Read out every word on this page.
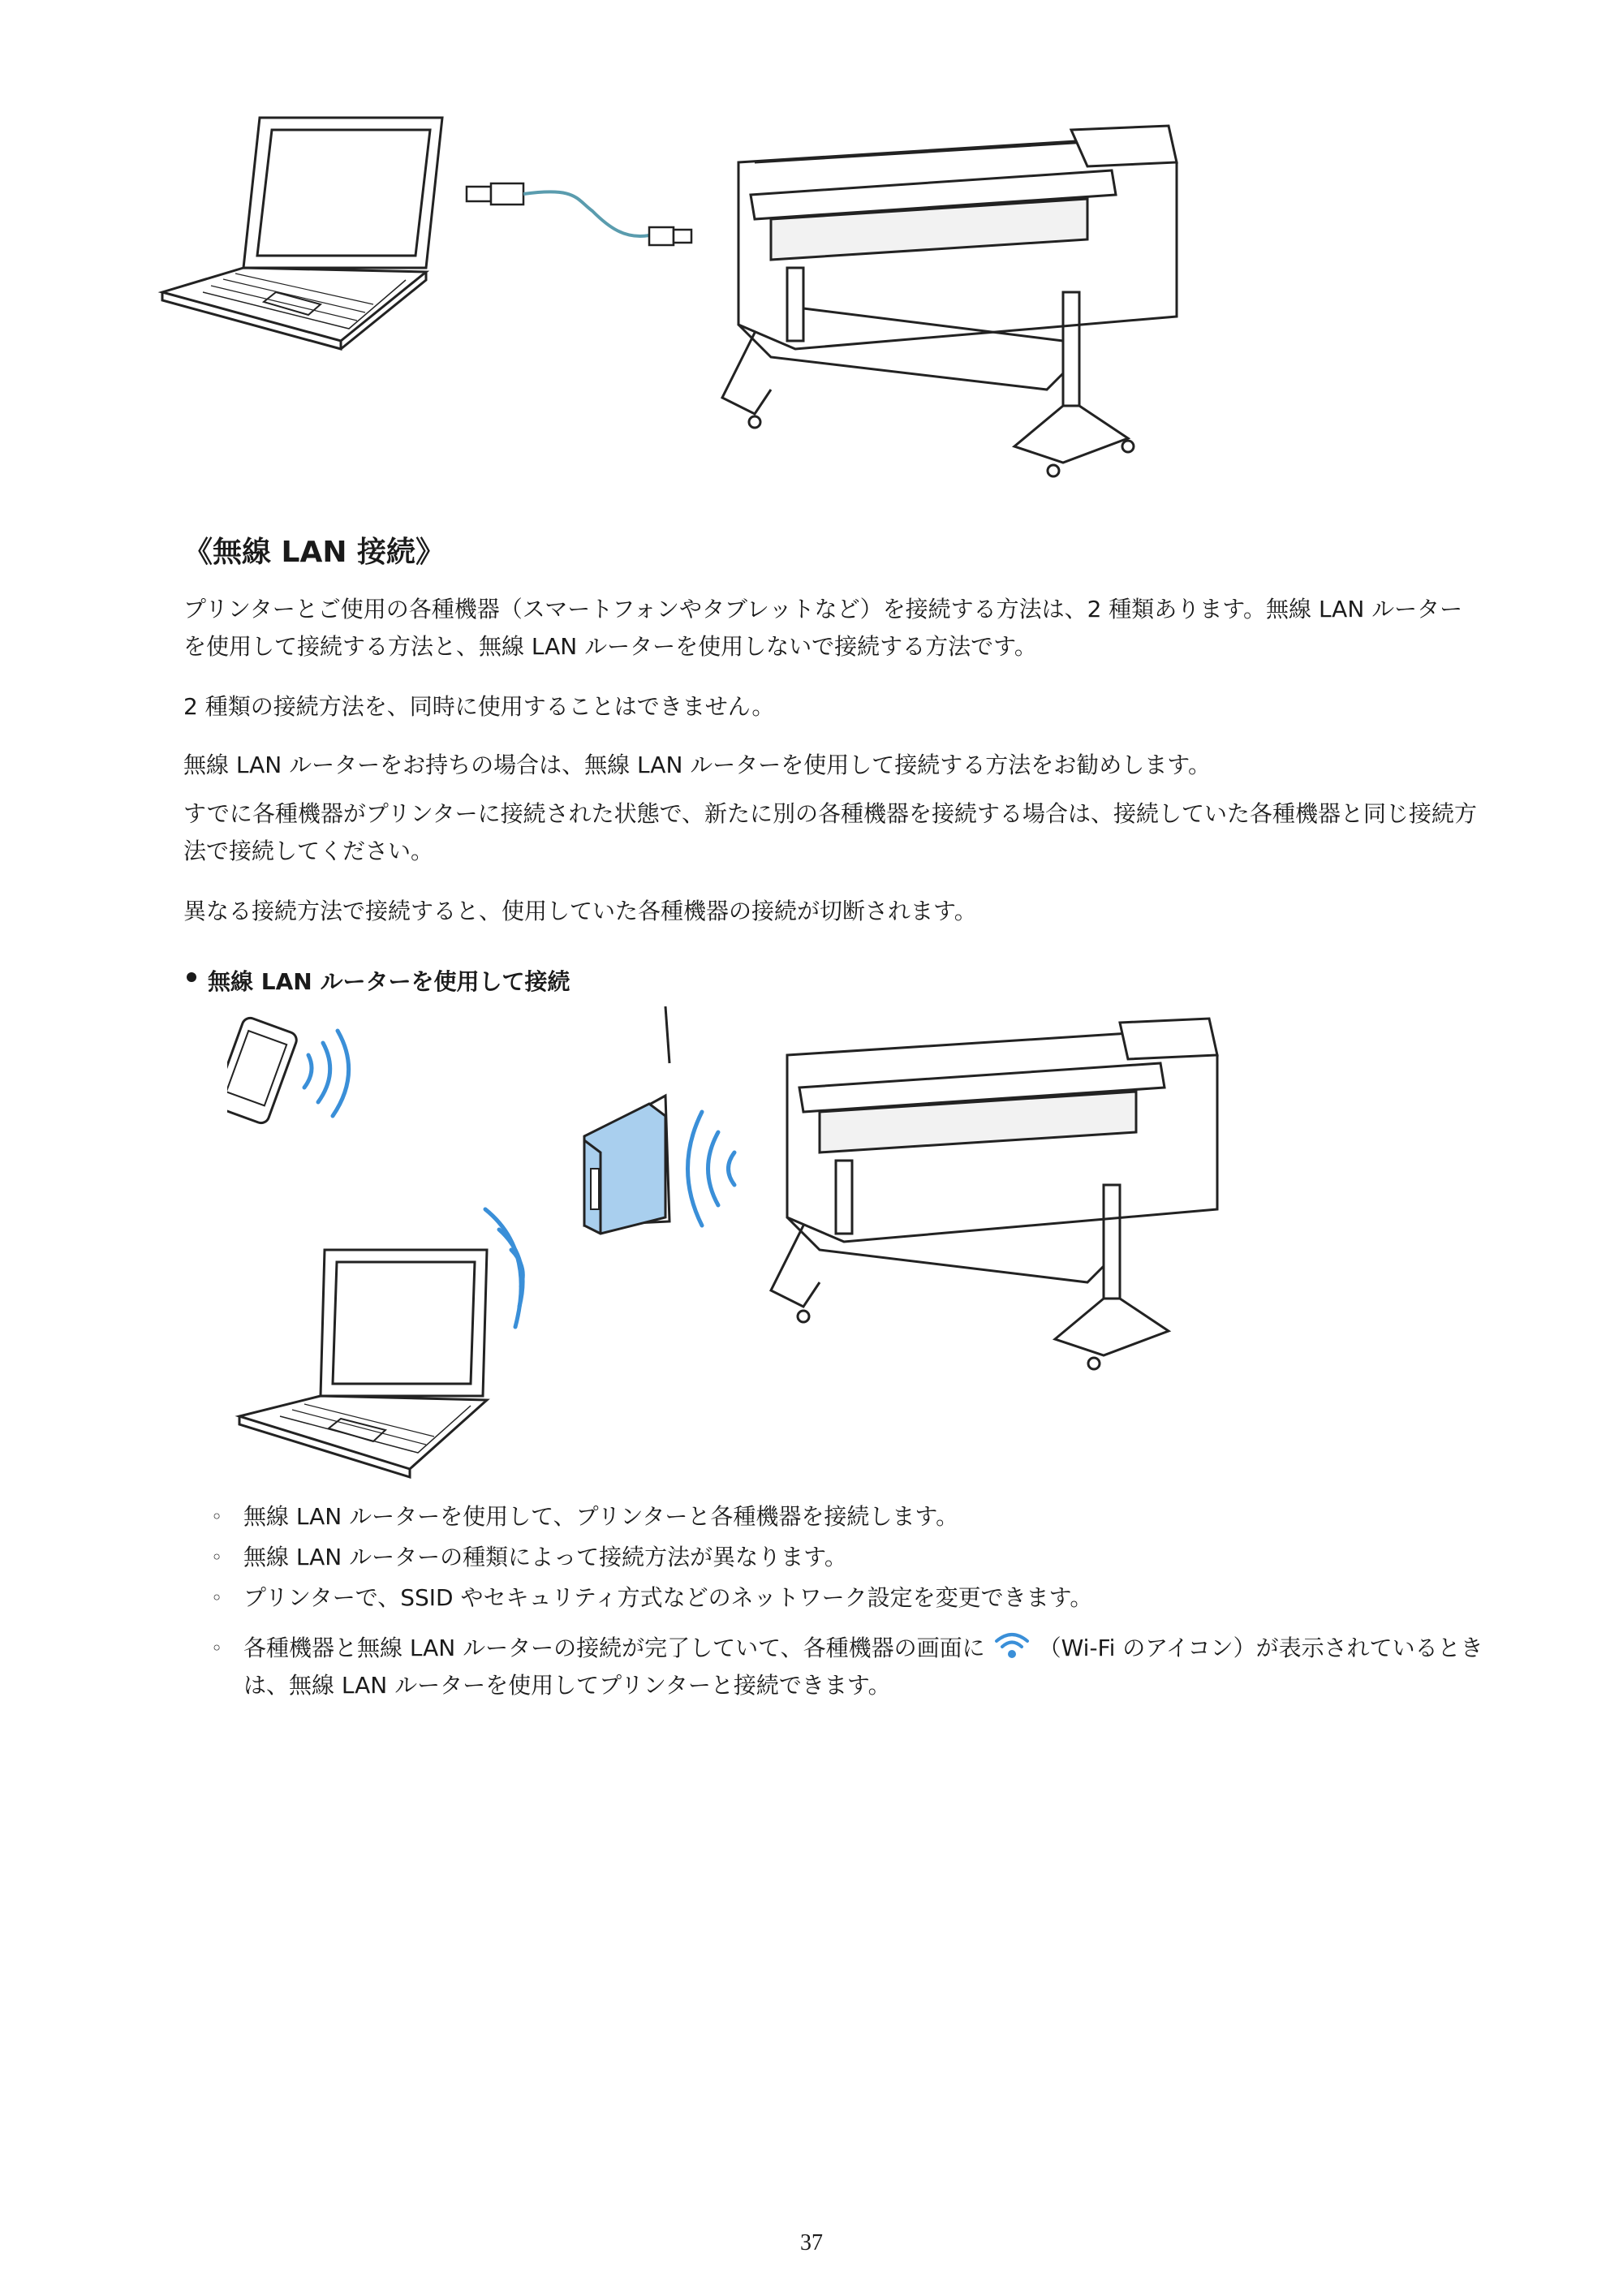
《無線 LAN 接続》

プリンターとご使用の各種機器（スマートフォンやタブレットなど）を接続する方法は、2 種類あります。無線 LAN ルーターを使用して接続する方法と、無線 LAN ルーターを使用しないで接続する方法です。

2 種類の接続方法を、同時に使用することはできません。

無線 LAN ルーターをお持ちの場合は、無線 LAN ルーターを使用して接続する方法をお勧めします。

すでに各種機器がプリンターに接続された状態で、新たに別の各種機器を接続する場合は、接続していた各種機器と同じ接続方法で接続してください。

異なる接続方法で接続すると、使用していた各種機器の接続が切断されます。

無線 LAN ルーターを使用して接続
◦ 無線 LAN ルーターを使用して、プリンターと各種機器を接続します。
◦ 無線 LAN ルーターの種類によって接続方法が異なります。
◦ プリンターで、SSID やセキュリティ方式などのネットワーク設定を変更できます。
◦ 各種機器と無線 LAN ルーターの接続が完了していて、各種機器の画面に （Wi-Fi のアイコン）が表示されているときは、無線 LAN ルーターを使用してプリンターと接続できます。
37
